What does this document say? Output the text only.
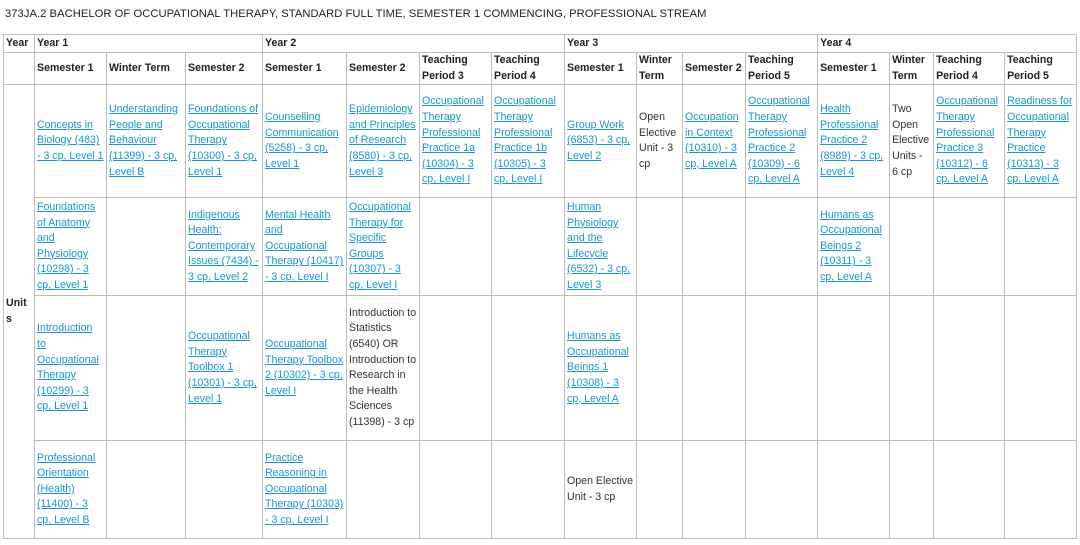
373JA.2 BACHELOR OF OCCUPATIONAL THERAPY, STANDARD FULL TIME, SEMESTER 1 COMMENCING, PROFESSIONAL STREAM
Year	Year 1			Year 2				Year 3				Year 4			
	Semester 1	Winter Term	Semester 2	Semester 1	Semester 2	Teaching Period 3	Teaching Period 4	Semester 1	Winter Term	Semester 2	Teaching Period 5	Semester 1	Winter Term	Teaching Period 4	Teaching Period 5
Units	Concepts in Biology (483) - 3 cp, Level 1	Understanding People and Behaviour (11399) - 3 cp, Level B	Foundations of Occupational Therapy (10300) - 3 cp, Level 1	Counselling Communication (5258) - 3 cp, Level 1	Epidemiology and Principles of Research (8580) - 3 cp, Level 3	Occupational Therapy Professional Practice 1a (10304) - 3 cp, Level I	Occupational Therapy Professional Practice 1b (10305) - 3 cp, Level I	Group Work (6853) - 3 cp, Level 2	Open Elective Unit - 3 cp	Occupation in Context (10310) - 3 cp, Level A	Occupational Therapy Professional Practice 2 (10309) - 6 cp, Level A	Health Professional Practice 2 (8989) - 3 cp, Level 4	Two Open Elective Units - 6 cp	Occupational Therapy Professional Practice 3 (10312) - 6 cp, Level A	Readiness for Occupational Therapy Practice (10313) - 3 cp, Level A
	Foundations of Anatomy and Physiology (10298) - 3 cp, Level 1		Indigenous Health: Contemporary Issues (7434) - 3 cp, Level 2	Mental Health and Occupational Therapy (10417) - 3 cp, Level I	Occupational Therapy for Specific Groups (10307) - 3 cp, Level I			Human Physiology and the Lifecycle (6532) - 3 cp, Level 3				Humans as Occupational Beings 2 (10311) - 3 cp, Level A			
	Introduction to Occupational Therapy (10299) - 3 cp, Level 1		Occupational Therapy Toolbox 1 (10301) - 3 cp, Level 1	Occupational Therapy Toolbox 2 (10302) - 3 cp, Level I	Introduction to Statistics (6540) OR Introduction to Research in the Health Sciences (11398) - 3 cp			Humans as Occupational Beings 1 (10308) - 3 cp, Level A							
	Professional Orientation (Health) (11400) - 3 cp, Level B			Practice Reasoning in Occupational Therapy (10303) - 3 cp, Level I				Open Elective Unit - 3 cp							
